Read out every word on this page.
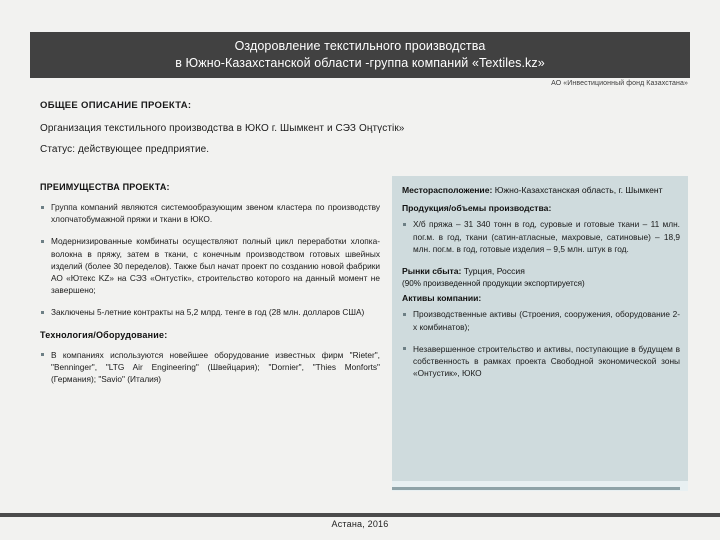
Оздоровление текстильного производства
в Южно-Казахстанской области -группа компаний «Textiles.kz»
АО «Инвестиционный фонд Казахстана»
ОБЩЕЕ ОПИСАНИЕ ПРОЕКТА:
Организация текстильного производства в ЮКО г. Шымкент и СЭЗ Оңтүстік»
Статус: действующее предприятие.
ПРЕИМУЩЕСТВА ПРОЕКТА:
Группа компаний являются системообразующим звеном кластера по производству хлопчатобумажной пряжи и ткани в ЮКО.
Модернизированные комбинаты осуществляют полный цикл переработки хлопка-волокна в пряжу, затем в ткани, с конечным производством готовых швейных изделий (более 30 переделов). Также был начат проект по созданию новой фабрики АО «Ютекс KZ» на СЭЗ «Онтустік», строительство которого на данный момент не завершено;
Заключены 5-летние контракты на 5,2 млрд. тенге в год (28 млн. долларов США)
Технология/Оборудование:
В компаниях используются новейшее оборудование известных фирм "Rieter", "Benninger", "LTG Air Engineering" (Швейцария); "Dornier", "Thies Monforts" (Германия); "Savio" (Италия)
Месторасположение: Южно-Казахстанская область, г. Шымкент
Продукция/объемы производства:
Х/б пряжа – 31 340 тонн в год, суровые и готовые ткани – 11 млн. пог.м. в год, ткани (сатин-атласные, махровые, сатиновые) – 18,9 млн. пог.м. в год, готовые изделия – 9,5 млн. штук в год.
Рынки сбыта: Турция, Россия
(90% произведенной продукции экспортируется)
Активы компании:
Производственные активы (Строения, сооружения, оборудование 2-х комбинатов);
Незавершенное строительство и активы, поступающие в будущем в собственность в рамках проекта Свободной экономической зоны «Онтустик», ЮКО
Астана, 2016
